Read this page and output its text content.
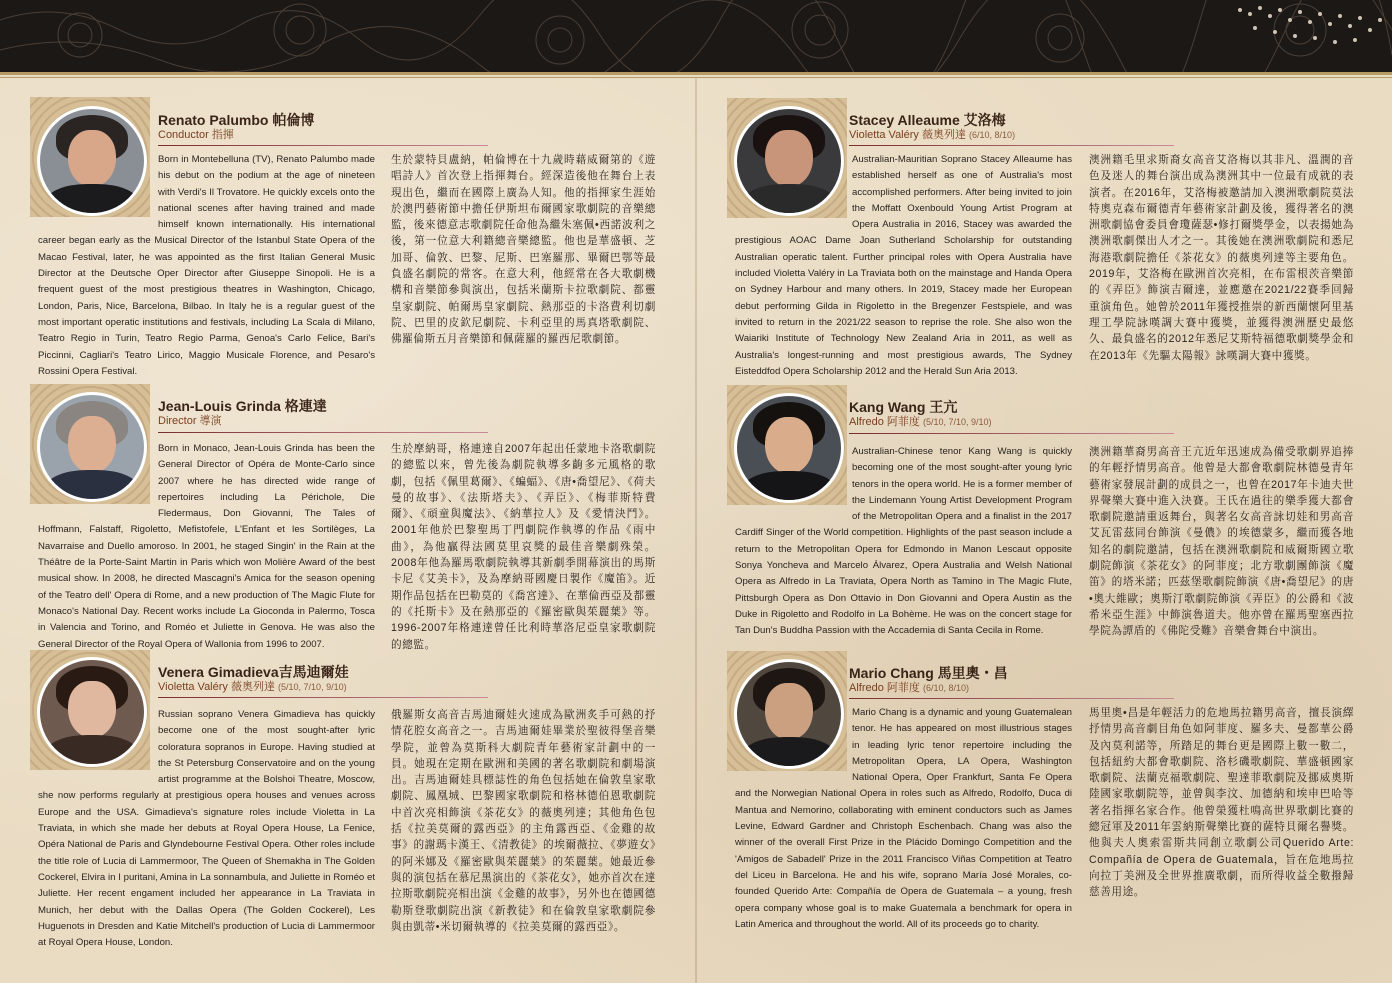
Renato Palumbo 帕倫博
Conductor 指揮
Born in Montebelluna (TV), Renato Palumbo made his debut on the podium at the age of nineteen with Verdi's Il Trovatore. He quickly excels onto the national scenes after having trained and made himself known internationally. His international career began early as the Musical Director of the Istanbul State Opera of the Macao Festival, later, he was appointed as the first Italian General Music Director at the Deutsche Oper Director after Giuseppe Sinopoli. He is a frequent guest of the most prestigious theatres in Washington, Chicago, London, Paris, Nice, Barcelona, Bilbao. In Italy he is a regular guest of the most important operatic institutions and festivals, including La Scala di Milano, Teatro Regio in Turin, Teatro Regio Parma, Genoa's Carlo Felice, Bari's Piccinni, Cagliari's Teatro Lirico, Maggio Musicale Florence, and Pesaro's Rossini Opera Festival.
生於蒙特貝盧納，帕倫博在十九歲時藉威爾第的《遊唱詩人》首次登上指揮舞台。經深造後他在舞台上表現出色，繼而在國際上廣為人知。他的指揮家生涯始於澳門藝術節中擔任伊斯坦布爾國家歌劇院的音樂總監，後來德意志歌劇院任命他為繼朱塞佩•西諾波利之後，第一位意大利籍總音樂總監。他也是華盛頓、芝加哥、倫敦、巴黎、尼斯、巴塞羅那、畢爾巴鄂等最負盛名劇院的常客。在意大利，他經常在各大歌劇機構和音樂節參與演出，包括米蘭斯卡拉歌劇院、都靈皇家劇院、帕爾馬皇家劇院、熱那亞的卡洛費利切劇院、巴里的皮欽尼劇院、卡利亞里的馬真塔歌劇院、佛羅倫斯五月音樂節和佩薩羅的羅西尼歌劇節。
Jean-Louis Grinda 格連達
Director 導演
Born in Monaco, Jean-Louis Grinda has been the General Director of Opéra de Monte-Carlo since 2007 where he has directed wide range of repertoires including La Périchole, Die Fledermaus, Don Giovanni, The Tales of Hoffmann, Falstaff, Rigoletto, Mefistofele, L'Enfant et les Sortilèges, La Navarraise and Duello amoroso. In 2001, he staged Singin' in the Rain at the Théâtre de la Porte-Saint Martin in Paris which won Molière Award of the best musical show. In 2008, he directed Mascagni's Amica for the season opening of the Teatro dell' Opera di Rome, and a new production of The Magic Flute for Monaco's National Day. Recent works include La Gioconda in Palermo, Tosca in Valencia and Torino, and Roméo et Juliette in Genova. He was also the General Director of the Royal Opera of Wallonia from 1996 to 2007.
生於摩納哥，格連達自2007年起出任蒙地卡洛歌劇院的總監以來，曾先後為劇院執導多齣多元風格的歌劇，包括《佩里葛爾》、《蝙蝠》、《唐•喬望尼》、《荷夫曼的故事》、《法斯塔夫》、《弄臣》、《梅菲斯特費爾》、《頑童與魔法》、《納華拉人》及《愛情決鬥》。2001年他於巴黎聖馬丁門劇院作執導的作品《雨中曲》，為他贏得法國莫里哀獎的最佳音樂劇殊榮。2008年他為羅馬歌劇院執導其新劇季開幕演出的馬斯卡尼《艾美卡》，及為摩納哥國慶日製作《魔笛》。近期作品包括在巴勒莫的《喬宮達》、在華倫西亞及都靈的《托斯卡》及在熱那亞的《羅密歐與茱麗葉》等。1996-2007年格連達曾任比利時華洛尼亞皇家歌劇院的總監。
Venera Gimadieva吉馬迪爾娃
Violetta Valéry 薇奧列達 (5/10, 7/10, 9/10)
Russian soprano Venera Gimadieva has quickly become one of the most sought-after lyric coloratura sopranos in Europe. Having studied at the St Petersburg Conservatoire and on the young artist programme at the Bolshoi Theatre, Moscow, she now performs regularly at prestigious opera houses and venues across Europe and the USA. Gimadieva's signature roles include Violetta in La Traviata, in which she made her debuts at Royal Opera House, La Fenice, Opéra National de Paris and Glyndebourne Festival Opera. Other roles include the title role of Lucia di Lammermoor, The Queen of Shemakha in The Golden Cockerel, Elvira in I puritani, Amina in La sonnambula, and Juliette in Roméo et Juliette. Her recent engament included her appearance in La Traviata in Munich, her debut with the Dallas Opera (The Golden Cockerel), Les Huguenots in Dresden and Katie Mitchell's production of Lucia di Lammermoor at Royal Opera House, London.
俄羅斯女高音吉馬迪爾娃火速成為歐洲炙手可熱的抒情花腔女高音之一。吉馬迪爾娃畢業於聖彼得堡音樂學院，並曾為莫斯科大劇院青年藝術家計劃中的一員。她現在定期在歐洲和美國的著名歌劇院和劇場演出。吉馬迪爾娃具標誌性的角色包括她在倫敦皇家歌劇院、鳳凰城、巴黎國家歌劇院和格林德伯恩歌劇院中首次亮相飾演《茶花女》的薇奧列達；其他角色包括《拉美莫爾的露西亞》的主角露西亞、《金雞的故事》的謝瑪卡漢王、《清教徒》的埃爾薇拉、《夢遊女》的阿米娜及《羅密歐與茱麗葉》的茱麗葉。她最近參與的演包括在慕尼黑演出的《茶花女》，她亦首次在達拉斯歌劇院亮相出演《金雞的故事》，另外也在德國德勒斯登歌劇院出演《新教徒》和在倫敦皇家歌劇院參與由凱蒂•米切爾執導的《拉美莫爾的露西亞》。
Stacey Alleaume 艾洛梅
Violetta Valéry 薇奧列達 (6/10, 8/10)
Australian-Mauritian Soprano Stacey Alleaume has established herself as one of Australia's most accomplished performers. After being invited to join the Moffatt Oxenbould Young Artist Program at Opera Australia in 2016, Stacey was awarded the prestigious AOAC Dame Joan Sutherland Scholarship for outstanding Australian operatic talent. Further principal roles with Opera Australia have included Violetta Valéry in La Traviata both on the mainstage and Handa Opera on Sydney Harbour and many others. In 2019, Stacey made her European debut performing Gilda in Rigoletto in the Bregenzer Festspiele, and was invited to return in the 2021/22 season to reprise the role. She also won the Waiariki Institute of Technology New Zealand Aria in 2011, as well as Australia's longest-running and most prestigious awards, The Sydney Eisteddfod Opera Scholarship 2012 and the Herald Sun Aria 2013.
澳洲籍毛里求斯裔女高音艾洛梅以其非凡、溫潤的音色及迷人的舞台演出成為澳洲其中一位最有成就的表演者。在2016年，艾洛梅被邀請加入澳洲歌劇院莫法特奧克森布爾德青年藝術家計劃及後，獲得著名的澳洲歌劇協會委員會瓊薩瑟•修打爾獎學金，以表揚她為澳洲歌劇傑出人才之一。其後她在澳洲歌劇院和悉尼海港歌劇院擔任《茶花女》的薇奧列達等主要角色。2019年，艾洛梅在歐洲首次亮相，在布雷根茨音樂節的《弄臣》飾演吉爾達，並應邀在2021/22賽季回歸重演角色。她曾於2011年獲授推崇的新西蘭懷阿里基理工學院詠嘆調大賽中獲獎，並獲得澳洲歷史最悠久、最負盛名的2012年悉尼艾斯特福德歌劇獎學金和在2013年《先驅太陽報》詠嘆調大賽中獲獎。
Kang Wang 王亢
Alfredo 阿菲度 (5/10, 7/10, 9/10)
Australian-Chinese tenor Kang Wang is quickly becoming one of the most sought-after young lyric tenors in the opera world. He is a former member of the Lindemann Young Artist Development Program of the Metropolitan Opera and a finalist in the 2017 Cardiff Singer of the World competition. Highlights of the past season include a return to the Metropolitan Opera for Edmondo in Manon Lescaut opposite Sonya Yoncheva and Marcelo Álvarez, Opera Australia and Welsh National Opera as Alfredo in La Traviata, Opera North as Tamino in The Magic Flute, Pittsburgh Opera as Don Ottavio in Don Giovanni and Opera Austin as the Duke in Rigoletto and Rodolfo in La Bohème. He was on the concert stage for Tan Dun's Buddha Passion with the Accademia di Santa Cecila in Rome.
澳洲籍華裔男高音王亢近年迅速成為備受歌劇界追捧的年輕抒情男高音。他曾是大都會歌劇院林德曼青年藝術家發展計劃的成員之一，也曾在2017年卡迪夫世界聲樂大賽中進入決賽。王氏在過往的樂季獲大都會歌劇院邀請重返舞台，與著名女高音詠切娃和男高音艾瓦雷茲同台飾演《曼儂》的埃德蒙多，繼而獲各地知名的劇院邀請，包括在澳洲歌劇院和威爾斯國立歌劇院飾演《茶花女》的阿菲度；北方歌劇團飾演《魔笛》的塔米諾；匹茲堡歌劇院飾演《唐•喬望尼》的唐•奧大維歐；奧斯汀歌劇院飾演《弄臣》的公爵和《波希米亞生涯》中飾演魯道夫。他亦曾在羅馬聖塞西拉學院為譚盾的《佛陀受難》音樂會舞台中演出。
Mario Chang 馬里奧・昌
Alfredo 阿菲度 (6/10, 8/10)
Mario Chang is a dynamic and young Guatemalean tenor. He has appeared on most illustrious stages in leading lyric tenor repertoire including the Metropolitan Opera, LA Opera, Washington National Opera, Oper Frankfurt, Santa Fe Opera and the Norwegian National Opera in roles such as Alfredo, Rodolfo, Duca di Mantua and Nemorino, collaborating with eminent conductors such as James Levine, Edward Gardner and Christoph Eschenbach. Chang was also the winner of the overall First Prize in the Plácido Domingo Competition and the 'Amigos de Sabadell' Prize in the 2011 Francisco Viñas Competition at Teatro del Liceu in Barcelona. He and his wife, soprano María José Morales, co-founded Querido Arte: Compañía de Opera de Guatemala – a young, fresh opera company whose goal is to make Guatemala a benchmark for opera in Latin America and throughout the world. All of its proceeds go to charity.
馬里奧•昌是年輕活力的危地馬拉籍男高音，擅長演繹抒情男高音劇目角色如阿菲度、羅多夫、曼都華公爵及內莫利諾等，所踏足的舞台更是國際上數一數二，包括紐約大都會歌劇院、洛杉磯歌劇院、華盛頓國家歌劇院、法蘭克福歌劇院、聖達菲歌劇院及挪威奧斯陸國家歌劇院等，並曾與李汶、加德納和埃申巴哈等著名指揮名家合作。他曾榮獲杜鳴高世界歌劇比賽的總冠軍及2011年雲納斯聲樂比賽的薩特貝爾名譽獎。他與夫人奧索雷斯共同創立歌劇公司Querido Arte: Compañía de Opera de Guatemala，旨在危地馬拉向拉丁美洲及全世界推廣歌劇，而所得收益全數撥歸慈善用途。
